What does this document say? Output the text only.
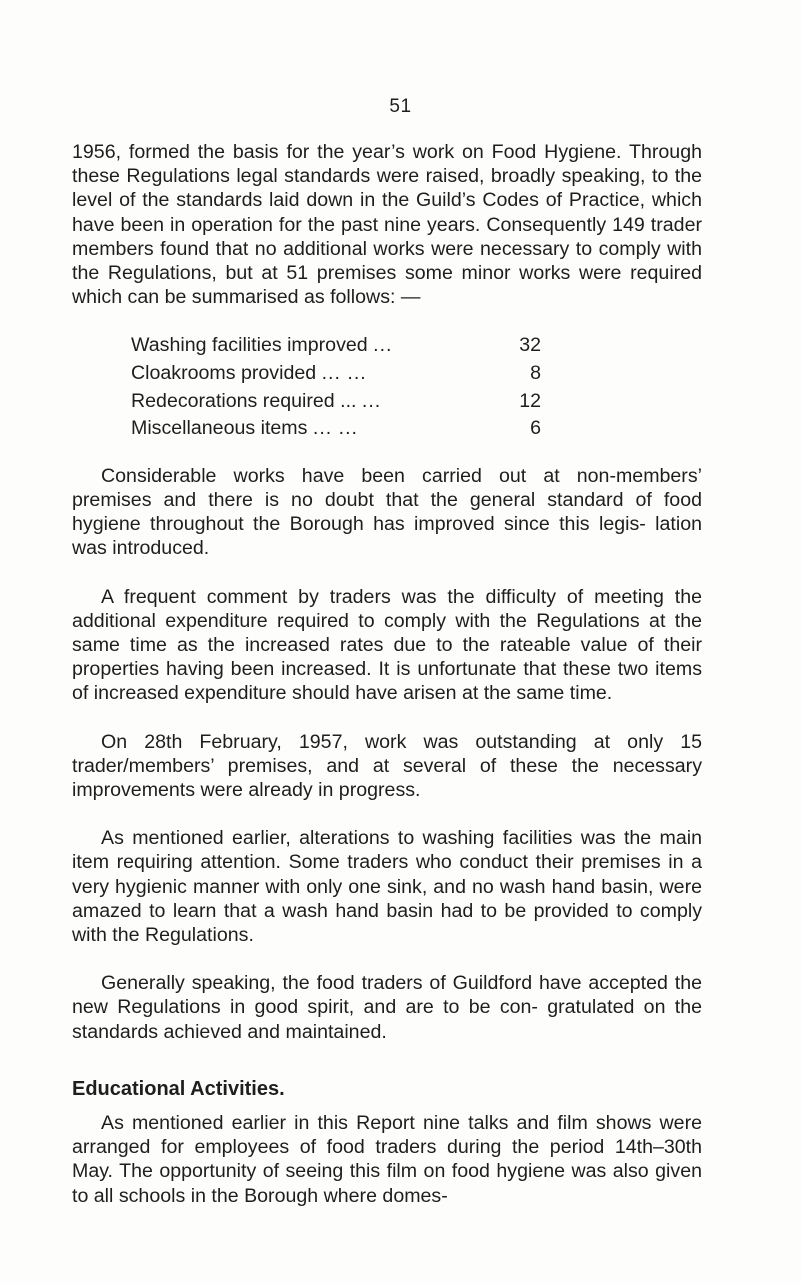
51

1956, formed the basis for the year’s work on Food Hygiene. Through these Regulations legal standards were raised, broadly speaking, to the level of the standards laid down in the Guild’s Codes of Practice, which have been in operation for the past nine years. Consequently 149 trader members found that no additional works were necessary to comply with the Regulations, but at 51 premises some minor works were required which can be summarised as follows: —

Washing facilities improved ...	32
Cloakrooms provided ... ...	8
Redecorations required ... ...	12
Miscellaneous items ... ...	6

Considerable works have been carried out at non-members’ premises and there is no doubt that the general standard of food hygiene throughout the Borough has improved since this legis- lation was introduced.

A frequent comment by traders was the difficulty of meeting the additional expenditure required to comply with the Regulations at the same time as the increased rates due to the rateable value of their properties having been increased. It is unfortunate that these two items of increased expenditure should have arisen at the same time.

On 28th February, 1957, work was outstanding at only 15 trader/members’ premises, and at several of these the necessary improvements were already in progress.

As mentioned earlier, alterations to washing facilities was the main item requiring attention. Some traders who conduct their premises in a very hygienic manner with only one sink, and no wash hand basin, were amazed to learn that a wash hand basin had to be provided to comply with the Regulations.

Generally speaking, the food traders of Guildford have accepted the new Regulations in good spirit, and are to be con- gratulated on the standards achieved and maintained.

Educational Activities.

As mentioned earlier in this Report nine talks and film shows were arranged for employees of food traders during the period 14th–30th May. The opportunity of seeing this film on food hygiene was also given to all schools in the Borough where domes-
